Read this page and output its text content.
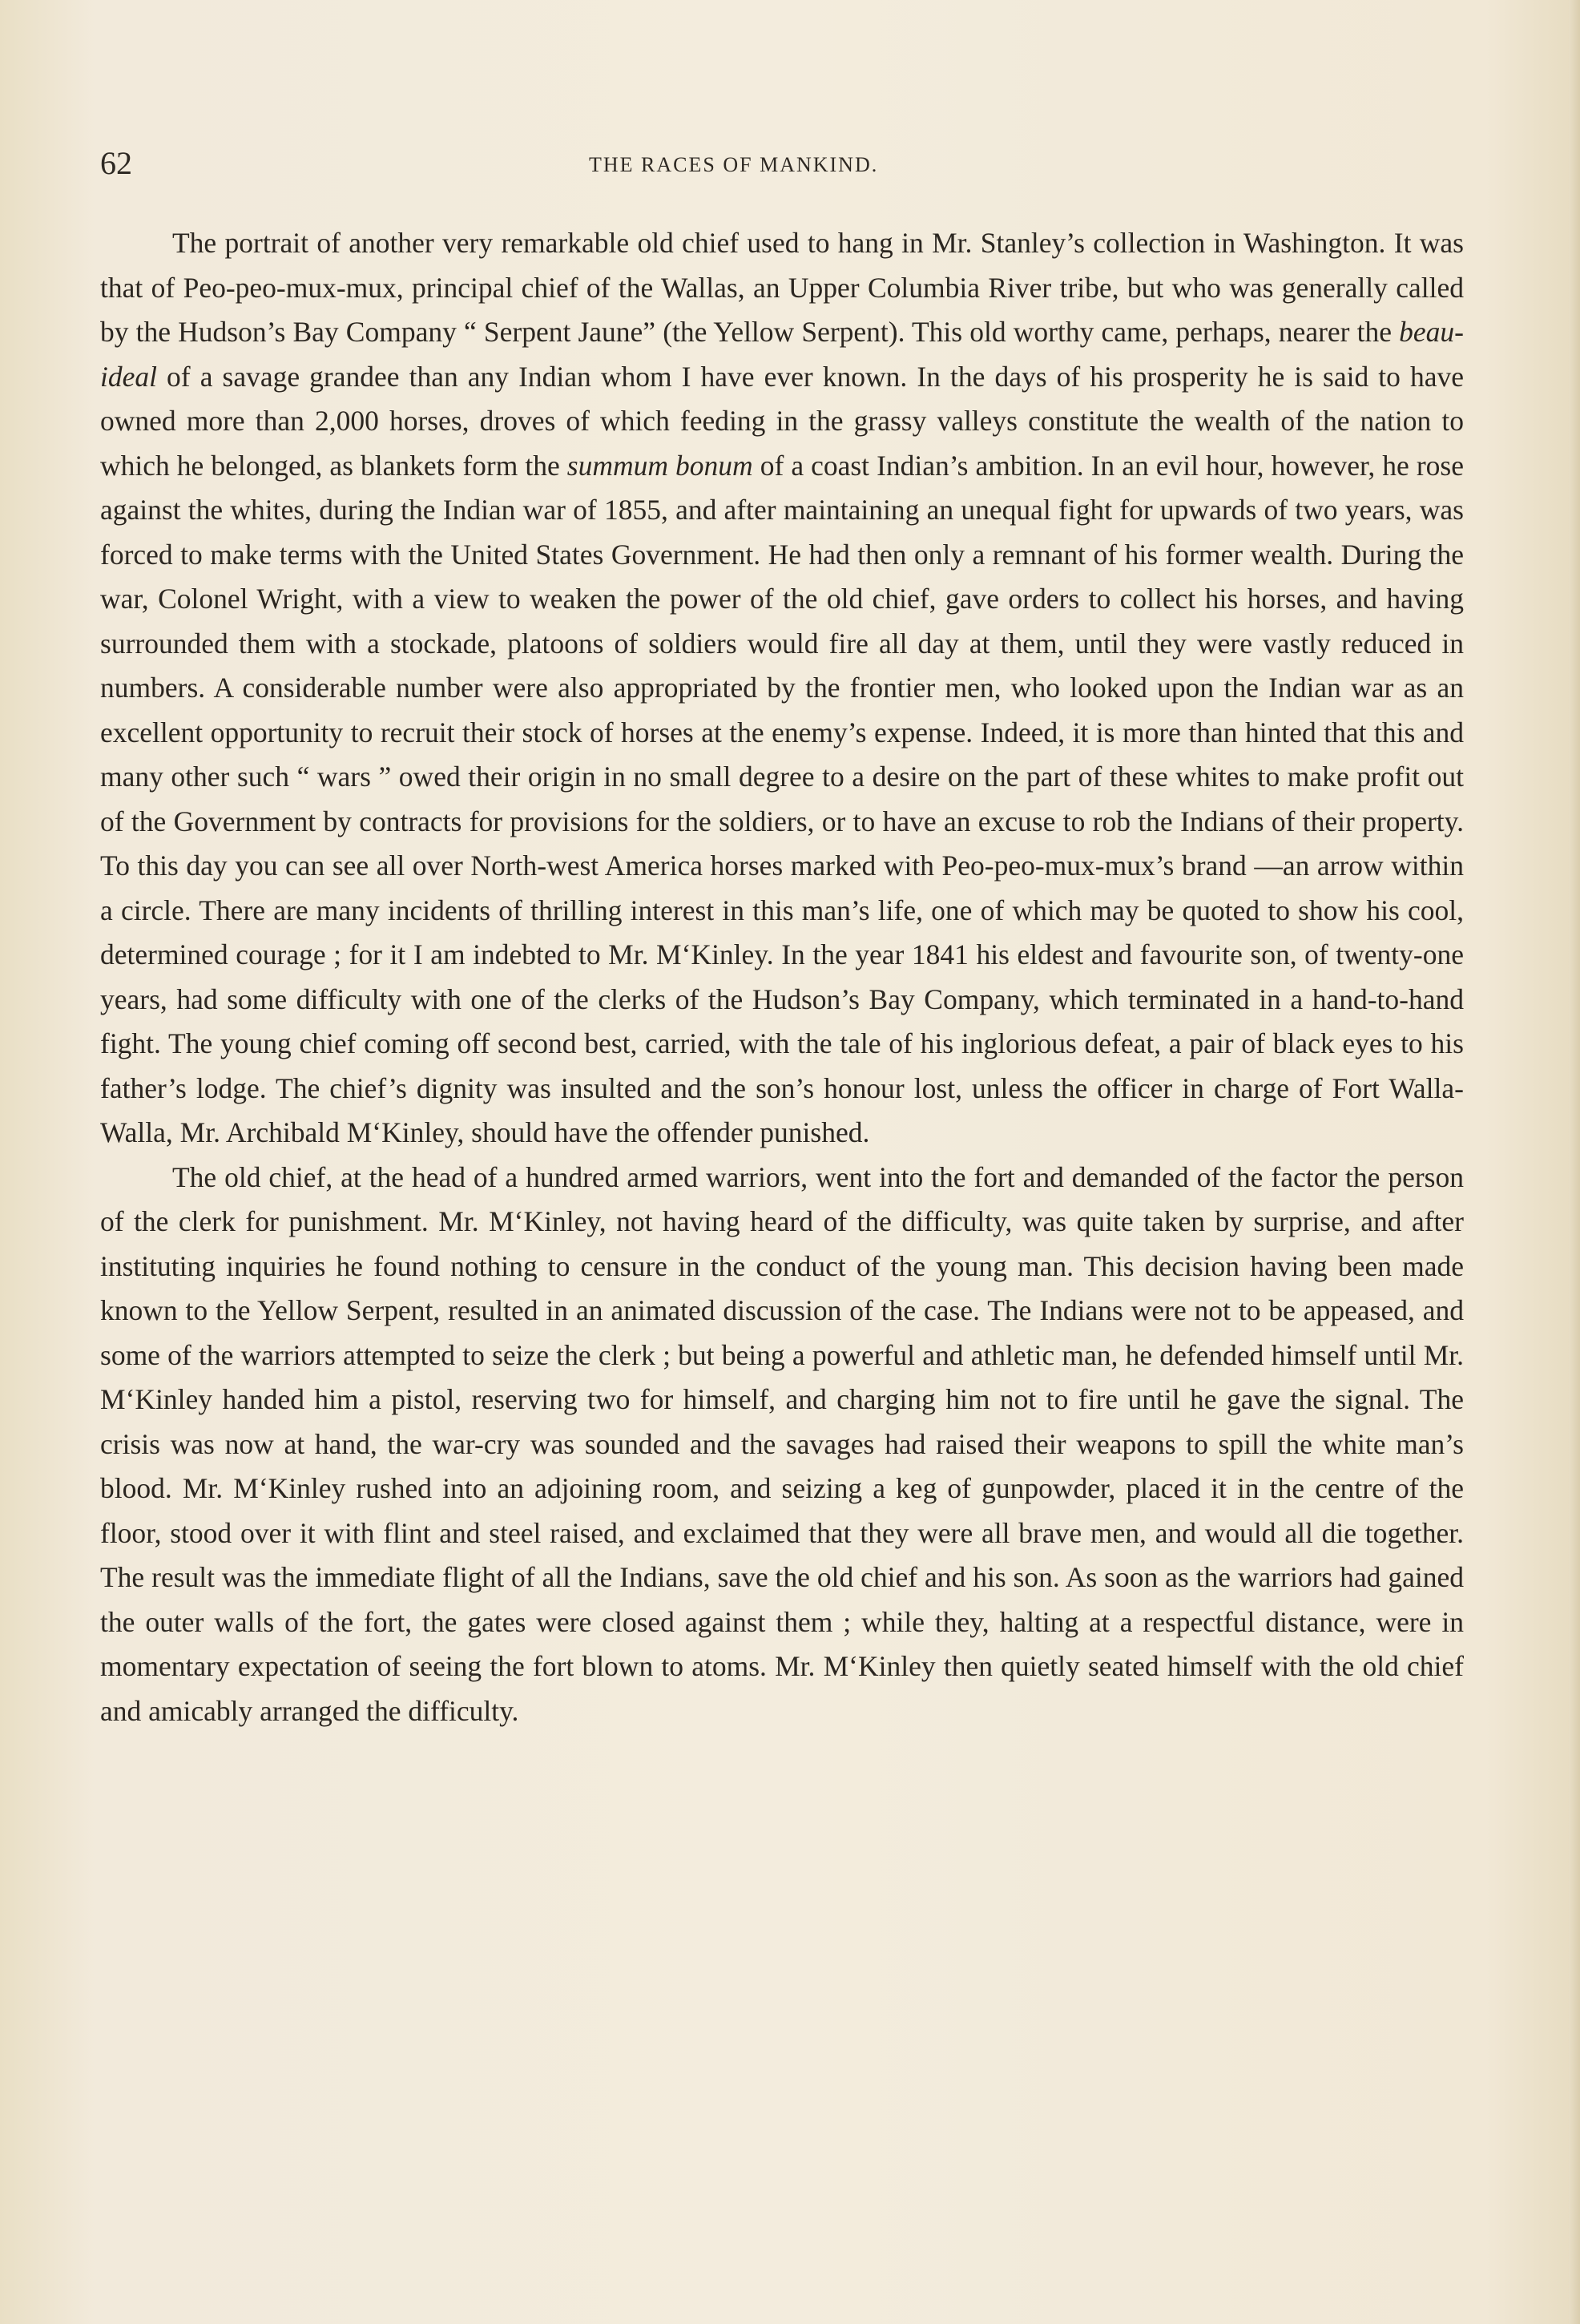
62	THE RACES OF MANKIND.

The portrait of another very remarkable old chief used to hang in Mr. Stanley’s collection in Washington. It was that of Peo-peo-mux-mux, principal chief of the Wallas, an Upper Columbia River tribe, but who was generally called by the Hudson’s Bay Company “ Serpent Jaune” (the Yellow Serpent). This old worthy came, perhaps, nearer the beau-ideal of a savage grandee than any Indian whom I have ever known. In the days of his prosperity he is said to have owned more than 2,000 horses, droves of which feeding in the grassy valleys constitute the wealth of the nation to which he belonged, as blankets form the summum bonum of a coast Indian’s ambition. In an evil hour, however, he rose against the whites, during the Indian war of 1855, and after maintaining an unequal fight for upwards of two years, was forced to make terms with the United States Government. He had then only a remnant of his former wealth. During the war, Colonel Wright, with a view to weaken the power of the old chief, gave orders to collect his horses, and having surrounded them with a stockade, platoons of soldiers would fire all day at them, until they were vastly reduced in numbers. A considerable number were also appropriated by the frontier men, who looked upon the Indian war as an excellent opportunity to recruit their stock of horses at the enemy’s expense. Indeed, it is more than hinted that this and many other such “ wars ” owed their origin in no small degree to a desire on the part of these whites to make profit out of the Government by contracts for provisions for the soldiers, or to have an excuse to rob the Indians of their property. To this day you can see all over North-west America horses marked with Peo-peo-mux-mux’s brand —an arrow within a circle. There are many incidents of thrilling interest in this man’s life, one of which may be quoted to show his cool, determined courage ; for it I am indebted to Mr. M‘Kinley. In the year 1841 his eldest and favourite son, of twenty-one years, had some difficulty with one of the clerks of the Hudson’s Bay Company, which terminated in a hand-to-hand fight. The young chief coming off second best, carried, with the tale of his inglorious defeat, a pair of black eyes to his father’s lodge. The chief’s dignity was insulted and the son’s honour lost, unless the officer in charge of Fort Walla-Walla, Mr. Archibald M‘Kinley, should have the offender punished.

The old chief, at the head of a hundred armed warriors, went into the fort and demanded of the factor the person of the clerk for punishment. Mr. M‘Kinley, not having heard of the difficulty, was quite taken by surprise, and after instituting inquiries he found nothing to censure in the conduct of the young man. This decision having been made known to the Yellow Serpent, resulted in an animated discussion of the case. The Indians were not to be appeased, and some of the warriors attempted to seize the clerk ; but being a powerful and athletic man, he defended himself until Mr. M‘Kinley handed him a pistol, reserving two for himself, and charging him not to fire until he gave the signal. The crisis was now at hand, the war-cry was sounded and the savages had raised their weapons to spill the white man’s blood. Mr. M‘Kinley rushed into an adjoining room, and seizing a keg of gunpowder, placed it in the centre of the floor, stood over it with flint and steel raised, and exclaimed that they were all brave men, and would all die together. The result was the immediate flight of all the Indians, save the old chief and his son. As soon as the warriors had gained the outer walls of the fort, the gates were closed against them ; while they, halting at a respectful distance, were in momentary expectation of seeing the fort blown to atoms. Mr. M‘Kinley then quietly seated himself with the old chief and amicably arranged the difficulty.
